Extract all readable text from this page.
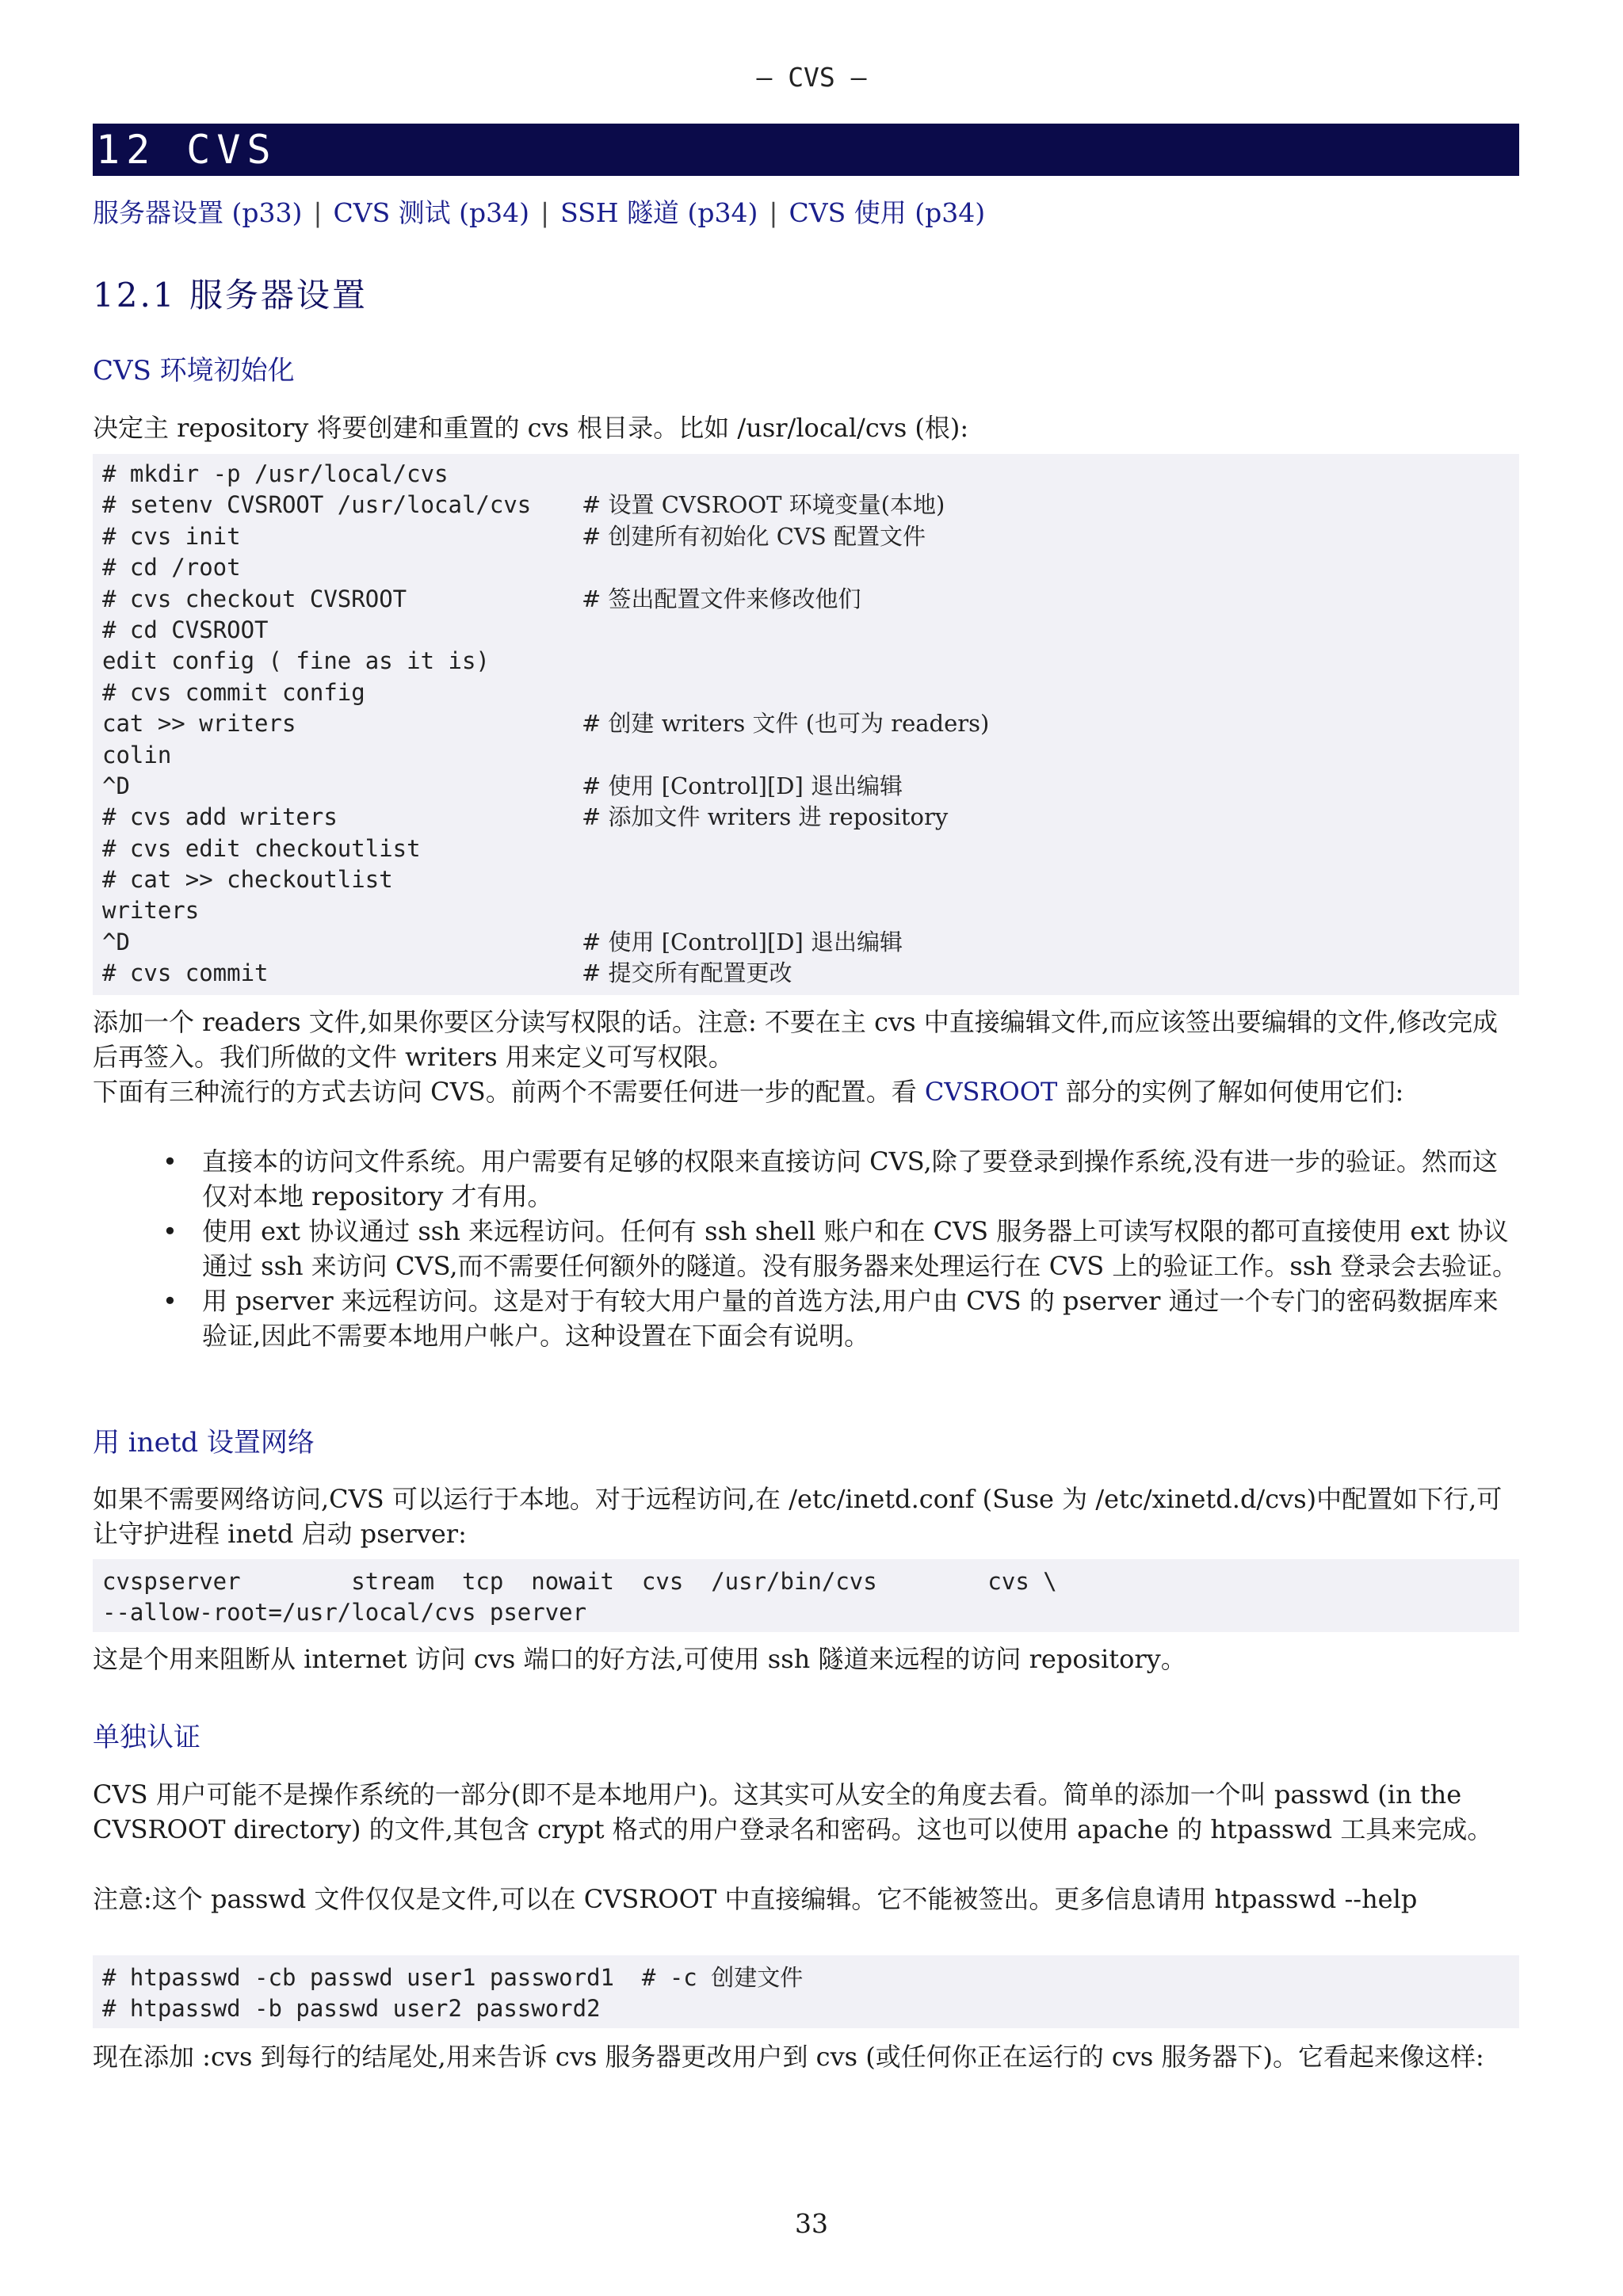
— CVS —
12 CVS
服务器设置 (p33) | CVS 测试 (p34) | SSH 隧道 (p34) | CVS 使用 (p34)
12.1 服务器设置
CVS 环境初始化
决定主 repository 将要创建和重置的 cvs 根目录。比如 /usr/local/cvs (根):
# mkdir -p /usr/local/cvs
# setenv CVSROOT /usr/local/cvs # 设置 CVSROOT 环境变量(本地)
# cvs init	# 创建所有初始化 CVS 配置文件
# cd /root
# cvs checkout CVSROOT	# 签出配置文件来修改他们
# cd CVSROOT
edit config ( fine as it is)
# cvs commit config
cat >> writers	# 创建 writers 文件 (也可为 readers)
colin
^D	# 使用 [Control][D] 退出编辑
# cvs add writers	# 添加文件 writers 进 repository
# cvs edit checkoutlist
# cat >> checkoutlist
writers
^D	# 使用 [Control][D] 退出编辑
# cvs commit	# 提交所有配置更改
添加一个 readers 文件,如果你要区分读写权限的话。注意: 不要在主 cvs 中直接编辑文件,而应该签出要编辑的文件,修改完成后再签入。我们所做的文件 writers 用来定义可写权限。
下面有三种流行的方式去访问 CVS。前两个不需要任何进一步的配置。看 CVSROOT 部分的实例了解如何使用它们:
• 直接本的访问文件系统。用户需要有足够的权限来直接访问 CVS,除了要登录到操作系统,没有进一步的验证。然而这仅对本地 repository 才有用。
• 使用 ext 协议通过 ssh 来远程访问。任何有 ssh shell 账户和在 CVS 服务器上可读写权限的都可直接使用 ext 协议通过 ssh 来访问 CVS,而不需要任何额外的隧道。没有服务器来处理运行在 CVS 上的验证工作。ssh 登录会去验证。
• 用 pserver 来远程访问。这是对于有较大用户量的首选方法,用户由 CVS 的 pserver 通过一个专门的密码数据库来验证,因此不需要本地用户帐户。这种设置在下面会有说明。
用 inetd 设置网络
如果不需要网络访问,CVS 可以运行于本地。对于远程访问,在 /etc/inetd.conf (Suse 为 /etc/xinetd.d/cvs)中配置如下行,可让守护进程 inetd 启动 pserver:
cvspserver        stream  tcp  nowait  cvs  /usr/bin/cvs        cvs \
--allow-root=/usr/local/cvs pserver
这是个用来阻断从 internet 访问 cvs 端口的好方法,可使用 ssh 隧道来远程的访问 repository。
单独认证
CVS 用户可能不是操作系统的一部分(即不是本地用户)。这其实可从安全的角度去看。简单的添加一个叫 passwd (in the CVSROOT directory) 的文件,其包含 crypt 格式的用户登录名和密码。这也可以使用 apache 的 htpasswd 工具来完成。
注意:这个 passwd 文件仅仅是文件,可以在 CVSROOT 中直接编辑。它不能被签出。更多信息请用 htpasswd --help
# htpasswd -cb passwd user1 password1  # -c 创建文件
# htpasswd -b passwd user2 password2
现在添加 :cvs 到每行的结尾处,用来告诉 cvs 服务器更改用户到 cvs (或任何你正在运行的 cvs 服务器下)。它看起来像这样:
33
